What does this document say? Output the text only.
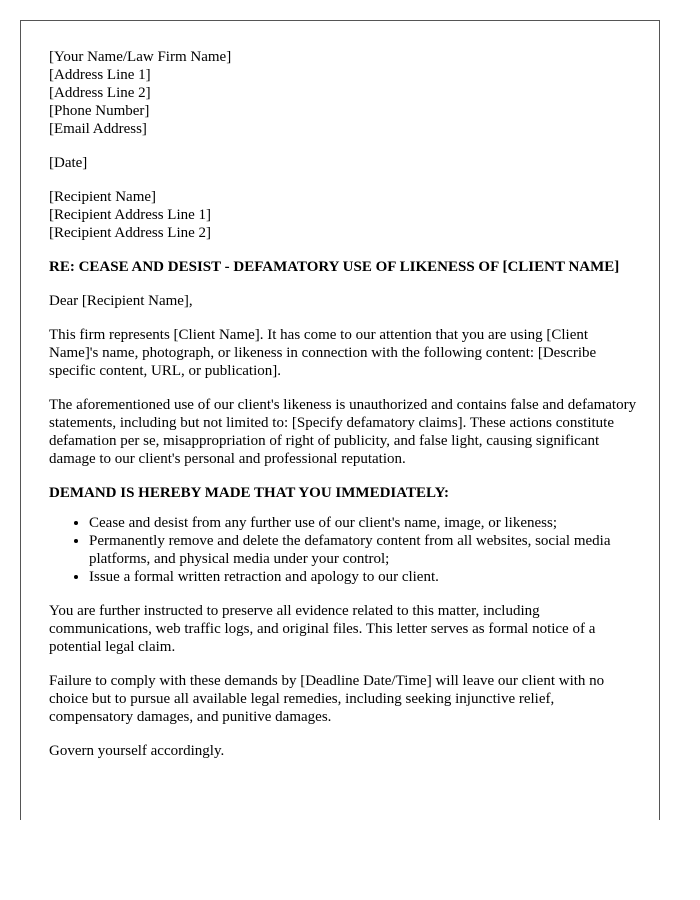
[Your Name/Law Firm Name]
[Address Line 1]
[Address Line 2]
[Phone Number]
[Email Address]
[Date]
[Recipient Name]
[Recipient Address Line 1]
[Recipient Address Line 2]
RE: CEASE AND DESIST - DEFAMATORY USE OF LIKENESS OF [CLIENT NAME]

Dear [Recipient Name],

This firm represents [Client Name]. It has come to our attention that you are using [Client Name]'s name, photograph, or likeness in connection with the following content: [Describe specific content, URL, or publication].

The aforementioned use of our client's likeness is unauthorized and contains false and defamatory statements, including but not limited to: [Specify defamatory claims]. These actions constitute defamation per se, misappropriation of right of publicity, and false light, causing significant damage to our client's personal and professional reputation.

DEMAND IS HEREBY MADE THAT YOU IMMEDIATELY:
• Cease and desist from any further use of our client's name, image, or likeness;
• Permanently remove and delete the defamatory content from all websites, social media platforms, and physical media under your control;
• Issue a formal written retraction and apology to our client.

You are further instructed to preserve all evidence related to this matter, including communications, web traffic logs, and original files. This letter serves as formal notice of a potential legal claim.

Failure to comply with these demands by [Deadline Date/Time] will leave our client with no choice but to pursue all available legal remedies, including seeking injunctive relief, compensatory damages, and punitive damages.

Govern yourself accordingly.
